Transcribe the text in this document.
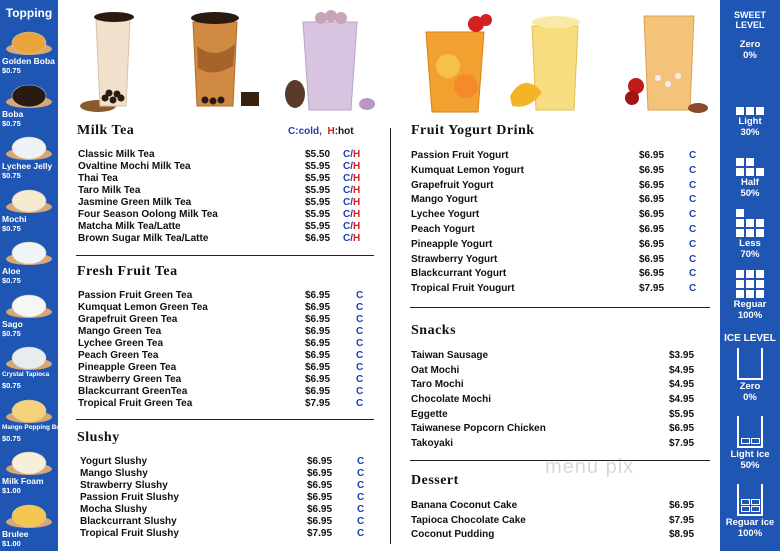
Topping
Golden Boba
$0.75
Boba
$0.75
Lychee Jelly
$0.75
Mochi
$0.75
Aloe
$0.75
Sago
$0.75
Crystal Tapioca
$0.75
Mango Popping Boba
$0.75
Milk Foam
$1.00
Brulee
$1.00
SWEET LEVEL
Zero
0%
Light
30%
Half
50%
Less
70%
Reguar
100%
ICE LEVEL
Zero
0%
Light ice
50%
Reguar ice
100%
Milk Tea	C:cold, H:hot
Classic Milk Tea	$5.50 C/H
Ovaltine Mochi Milk Tea	$5.95 C/H
Thai Tea	$5.95 C/H
Taro Milk Tea	$5.95 C/H
Jasmine Green Milk Tea	$5.95 C/H
Four Season Oolong Milk Tea	$5.95 C/H
Matcha Milk Tea/Latte	$5.95 C/H
Brown Sugar Milk Tea/Latte	$6.95 C/H
Fresh Fruit Tea
Passion Fruit Green Tea	$6.95	C
Kumquat Lemon Green Tea	$6.95	C
Grapefruit Green Tea	$6.95	C
Mango Green Tea	$6.95	C
Lychee Green Tea	$6.95	C
Peach Green Tea	$6.95	C
Pineapple Green Tea	$6.95	C
Strawberry Green Tea	$6.95	C
Blackcurrant GreenTea	$6.95	C
Tropical Fruit Green Tea	$7.95	C
Slushy
Yogurt Slushy	$6.95 C
Mango Slushy	$6.95 C
Strawberry Slushy	$6.95 C
Passion Fruit Slushy	$6.95 C
Mocha Slushy	$6.95 C
Blackcurrant Slushy	$6.95 C
Tropical Fruit Slushy	$7.95 C
Fruit Yogurt Drink
Passion Fruit Yogurt	$6.95 C
Kumquat Lemon Yogurt	$6.95 C
Grapefruit Yogurt	$6.95 C
Mango Yogurt	$6.95 C
Lychee Yogurt	$6.95 C
Peach Yogurt	$6.95 C
Pineapple Yogurt	$6.95 C
Strawberry Yogurt	$6.95 C
Blackcurrant Yogurt	$6.95 C
Tropical Fruit Yougurt	$7.95 C
Snacks
Taiwan Sausage	$3.95
Oat Mochi	$4.95
Taro Mochi	$4.95
Chocolate Mochi	$4.95
Eggette	$5.95
Taiwanese Popcorn Chicken	$6.95
Takoyaki	$7.95
Dessert
Banana Coconut Cake	$6.95
Tapioca Chocolate Cake	$7.95
Coconut Pudding	$8.95
menu pix
